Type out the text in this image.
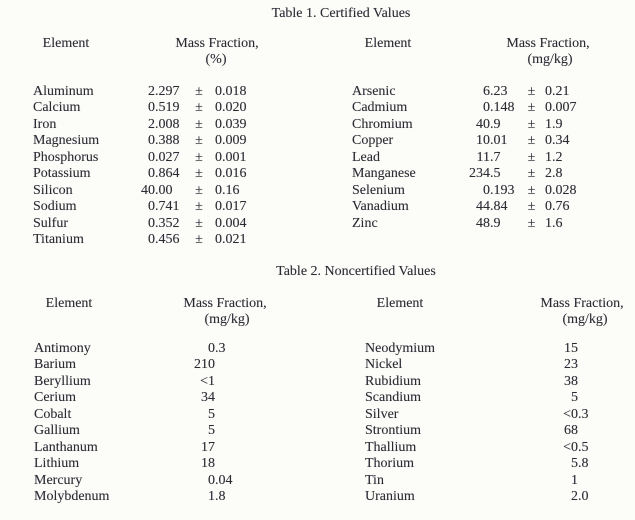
Table 1. Certified Values
Element	Mass Fraction,
(%)
Element	Mass Fraction,
(mg/kg)
Aluminum	2 .297	± 0.018
Calcium	0 .519	± 0.020
Iron	2 .008	± 0.039
Magnesium	0 .388	± 0.009
Phosphorus	0 .027	± 0.001
Potassium	0 .864	± 0.016
Silicon	40 .00	± 0.16
Sodium	0 .741	± 0.017
Sulfur	0 .352	± 0.004
Titanium	0 .456	± 0.021
Arsenic	6 .23	± 0.21
Cadmium	0 .148 ± 0.007
Chromium	40 .9	± 1.9
Copper	10 .01	± 0.34
Lead	11 .7	± 1.2
Manganese	234 .5	± 2.8
Selenium	0 .193 ± 0.028
Vanadium	44 .84	± 0.76
Zinc	48 .9	± 1.6
Table 2. Noncertified Values
Element	Mass Fraction,
(mg/kg)
Element	Mass Fraction,
(mg/kg)
Antimony	0 .3
Barium	210
Beryllium	<1
Cerium	34
Cobalt	5
Gallium	5
Lanthanum	17
Lithium	18
Mercury	0 .04
Molybdenum	1 .8
Neodymium	15
Nickel	23
Rubidium	38
Scandium	5
Silver	<0 .3
Strontium	68
Thallium	<0 .5
Thorium	5 .8
Tin	1
Uranium	2 .0
